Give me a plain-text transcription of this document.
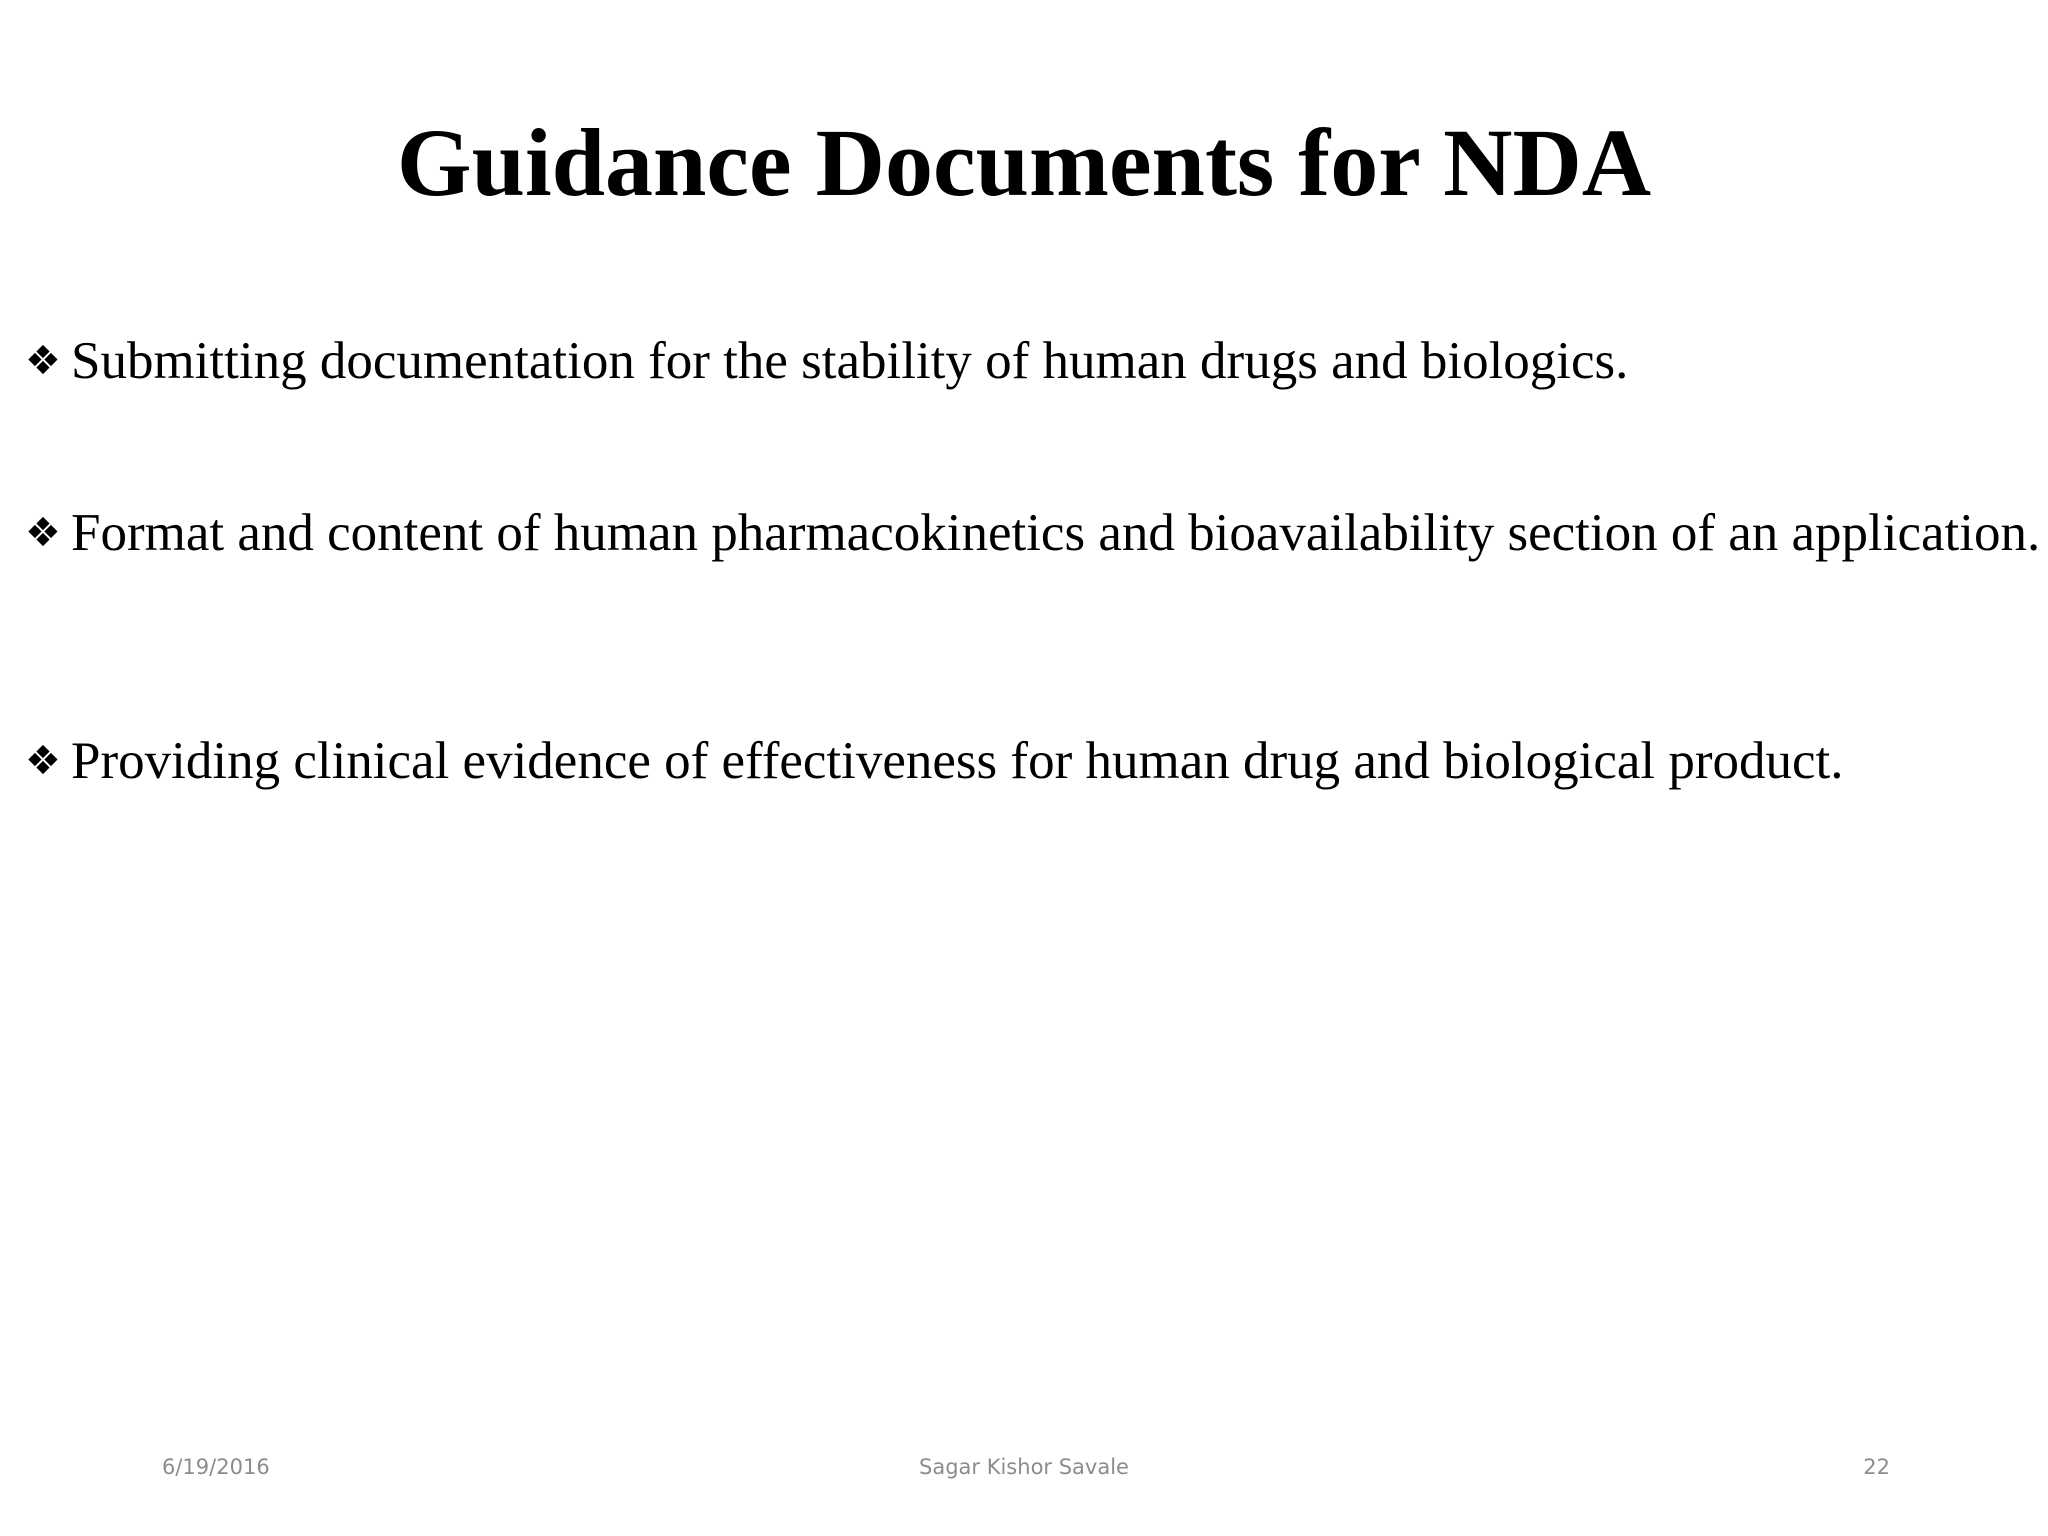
Guidance Documents for NDA

❖ Submitting documentation for the stability of human drugs and biologics.

❖ Format and content of human pharmacokinetics and bioavailability section of an application.

❖ Providing clinical evidence of effectiveness for human drug and biological product.

6/19/2016	Sagar Kishor Savale	22
